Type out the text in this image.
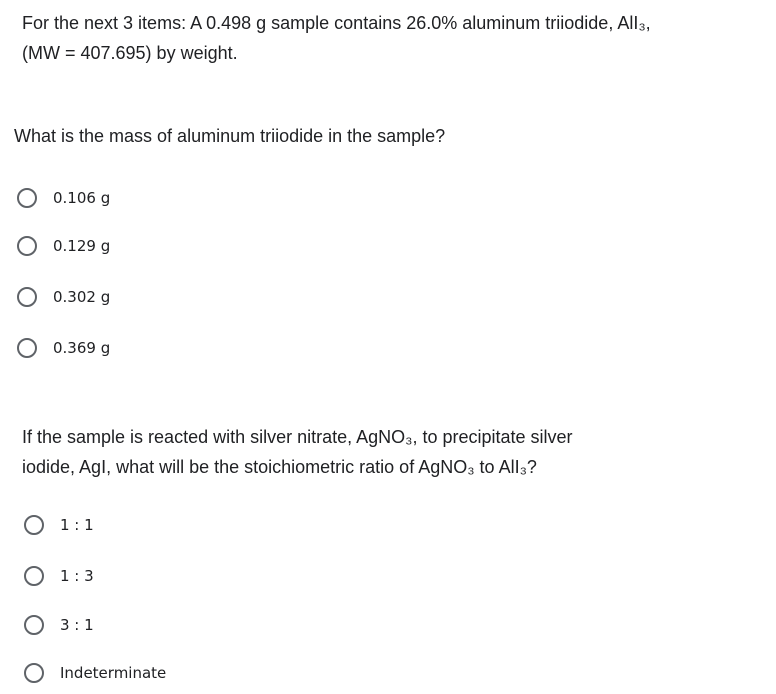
For the next 3 items: A 0.498 g sample contains 26.0% aluminum triiodide, AlI₃,
(MW = 407.695) by weight.
What is the mass of aluminum triiodide in the sample?
0.106 g
0.129 g
0.302 g
0.369 g
1 : 1
1 : 3
3 : 1
Indeterminate
If the sample is reacted with silver nitrate, AgNO₃, to precipitate silver
iodide, AgI, what will be the stoichiometric ratio of AgNO₃ to AlI₃?
